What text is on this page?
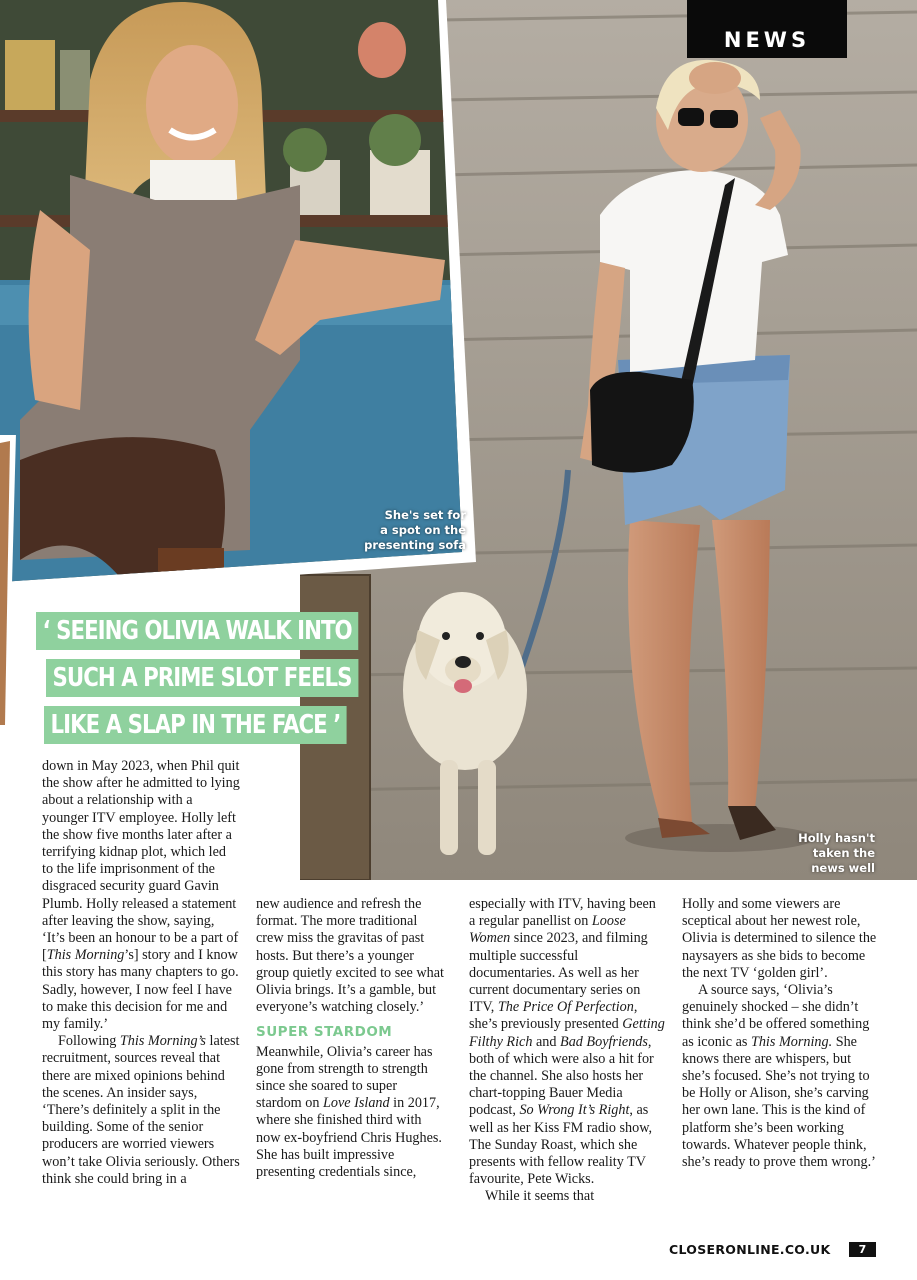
She's set for
a spot on the
presenting sofa
Holly hasn't
taken the
news well
NEWS
‘ SEEING OLIVIA WALK INTO
SUCH A PRIME SLOT FEELS
LIKE A SLAP IN THE FACE ’

down in May 2023, when Phil quit the show after he admitted to lying about a relationship with a younger ITV employee. Holly left the show five months later after a terrifying kidnap plot, which led to the life imprisonment of the disgraced security guard Gavin Plumb. Holly released a statement after leaving the show, saying, ‘It’s been an honour to be a part of [This Morning’s] story and I know this story has many chapters to go. Sadly, however, I now feel I have to make this decision for me and my family.’

Following This Morning’s latest recruitment, sources reveal that there are mixed opinions behind the scenes. An insider says, ‘There’s definitely a split in the building. Some of the senior producers are worried viewers won’t take Olivia seriously. Others think she could bring in a

new audience and refresh the format. The more traditional crew miss the gravitas of past hosts. But there’s a younger group quietly excited to see what Olivia brings. It’s a gamble, but everyone’s watching closely.’

SUPER STARDOM

Meanwhile, Olivia’s career has gone from strength to strength since she soared to super stardom on Love Island in 2017, where she finished third with now ex-boyfriend Chris Hughes. She has built impressive presenting credentials since,

especially with ITV, having been a regular panellist on Loose Women since 2023, and filming multiple successful documentaries. As well as her current documentary series on ITV, The Price Of Perfection, she’s previously presented Getting Filthy Rich and Bad Boyfriends, both of which were also a hit for the channel. She also hosts her chart-topping Bauer Media podcast, So Wrong It’s Right, as well as her Kiss FM radio show, The Sunday Roast, which she presents with fellow reality TV favourite, Pete Wicks.

While it seems that

Holly and some viewers are sceptical about her newest role, Olivia is determined to silence the naysayers as she bids to become the next TV ‘golden girl’.

A source says, ‘Olivia’s genuinely shocked – she didn’t think she’d be offered something as iconic as This Morning. She knows there are whispers, but she’s focused. She’s not trying to be Holly or Alison, she’s carving her own lane. This is the kind of platform she’s been working towards. Whatever people think, she’s ready to prove them wrong.’

CLOSERONLINE.CO.UK	7
